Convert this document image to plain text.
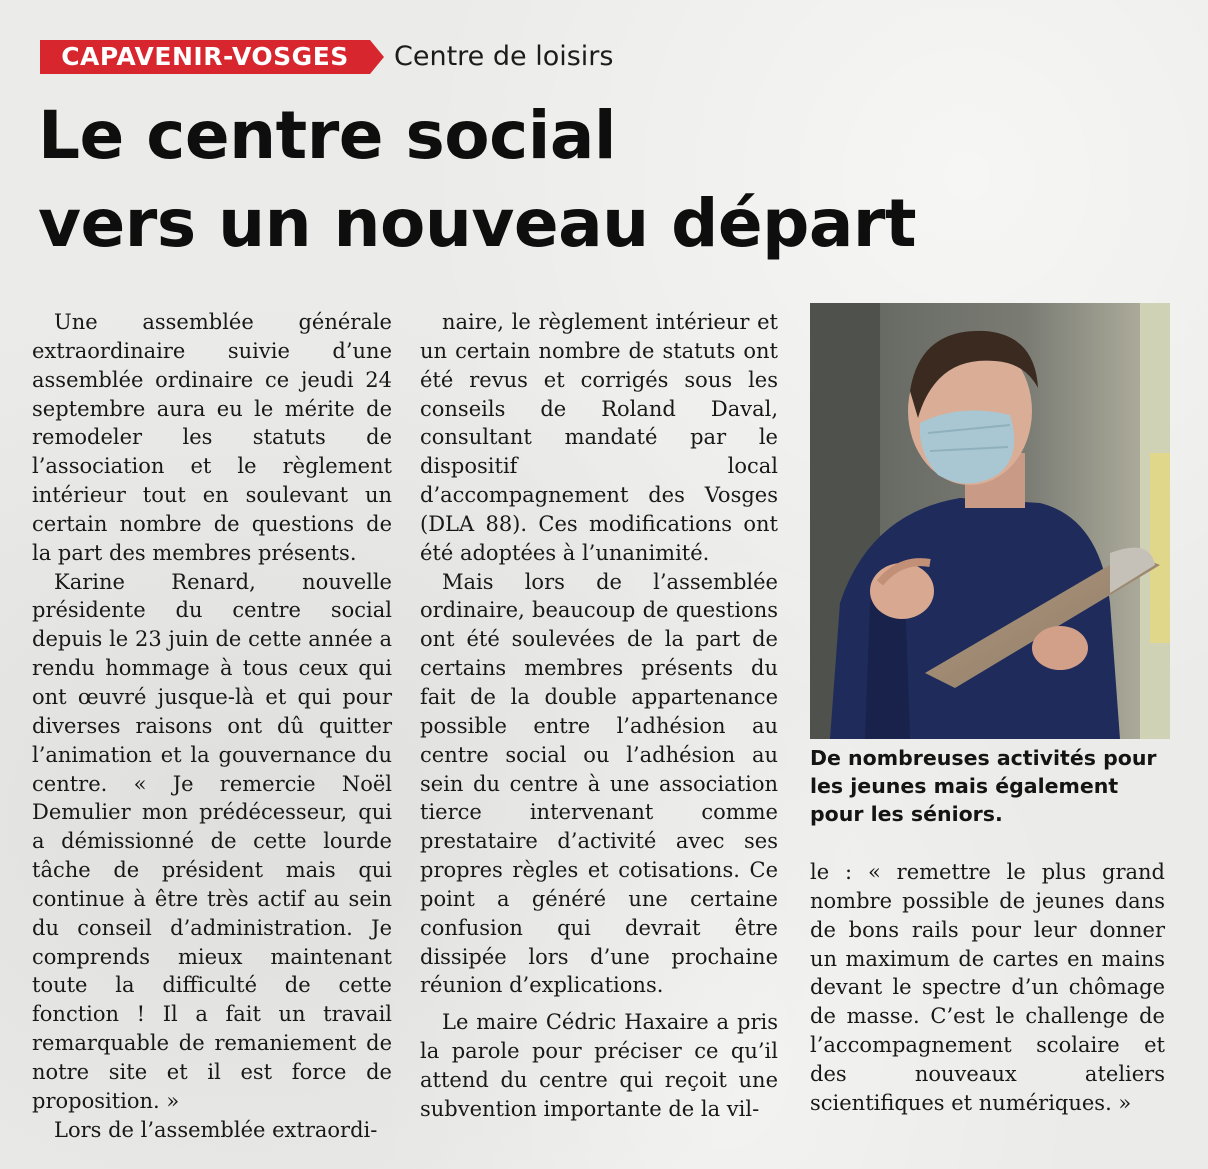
CAPAVENIR-VOSGES	Centre de loisirs
Le centre social
vers un nouveau départ

Une assemblée générale extraordinaire suivie d’une assemblée ordinaire ce jeudi 24 septembre aura eu le mérite de remodeler les statuts de l’association et le règlement intérieur tout en soulevant un certain nombre de questions de la part des membres présents.

Karine Renard, nouvelle présidente du centre social depuis le 23 juin de cette année a rendu hommage à tous ceux qui ont œuvré jusque-là et qui pour diverses raisons ont dû quitter l’animation et la gouvernance du centre. « Je remercie Noël Demulier mon prédécesseur, qui a démissionné de cette lourde tâche de président mais qui continue à être très actif au sein du conseil d’administration. Je comprends mieux maintenant toute la difficulté de cette fonction ! Il a fait un travail remarquable de remaniement de notre site et il est force de proposition. »

Lors de l’assemblée extraordi-

naire, le règlement intérieur et un certain nombre de statuts ont été revus et corrigés sous les conseils de Roland Daval, consultant mandaté par le dispositif local d’accompagnement des Vosges (DLA 88). Ces modifications ont été adoptées à l’unanimité.

Mais lors de l’assemblée ordinaire, beaucoup de questions ont été soulevées de la part de certains membres présents du fait de la double appartenance possible entre l’adhésion au centre social ou l’adhésion au sein du centre à une association tierce intervenant comme prestataire d’activité avec ses propres règles et cotisations. Ce point a généré une certaine confusion qui devrait être dissipée lors d’une prochaine réunion d’explications.

Le maire Cédric Haxaire a pris la parole pour préciser ce qu’il attend du centre qui reçoit une subvention importante de la vil-

De nombreuses activités pour les jeunes mais également pour les séniors.

le : « remettre le plus grand nombre possible de jeunes dans de bons rails pour leur donner un maximum de cartes en mains devant le spectre d’un chômage de masse. C’est le challenge de l’accompagnement scolaire et des nouveaux ateliers scientifiques et numériques. »
